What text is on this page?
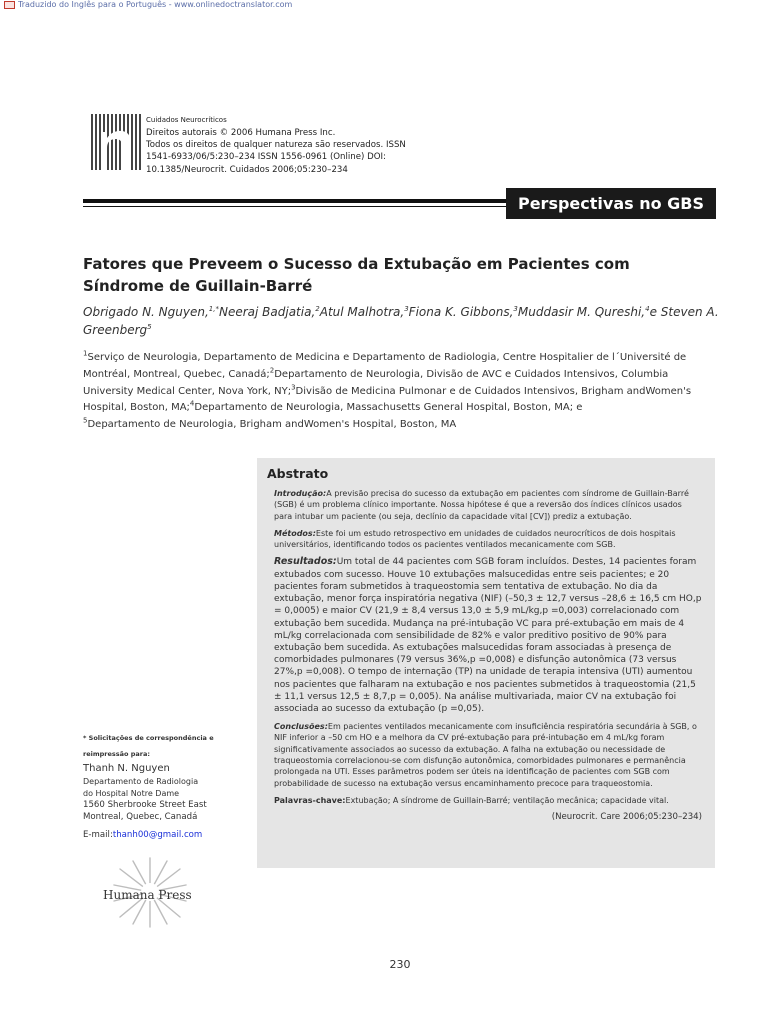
Traduzido do Inglês para o Português - www.onlinedoctranslator.com
Cuidados Neurocríticos
Direitos autorais © 2006 Humana Press Inc.
Todos os direitos de qualquer natureza são reservados. ISSN
1541-6933/06/5:230–234 ISSN 1556-0961 (Online) DOI:
10.1385/Neurocrit. Cuidados 2006;05:230–234
Perspectivas no GBS
Fatores que Preveem o Sucesso da Extubação em Pacientes com
Síndrome de Guillain-Barré
Obrigado N. Nguyen,$^{1,*}$Neeraj Badjatia,$^2$Atul Malhotra,$^3$Fiona K. Gibbons,$^3$Muddasir M. Qureshi,$^4$e Steven A. Greenberg$^5$
$^1$Serviço de Neurologia, Departamento de Medicina e Departamento de Radiologia, Centre Hospitalier de l´Université de Montréal, Montreal, Quebec, Canadá;$^2$Departamento de Neurologia, Divisão de AVC e Cuidados Intensivos, Columbia University Medical Center, Nova York, NY;$^3$Divisão de Medicina Pulmonar e de Cuidados Intensivos, Brigham andWomen's Hospital, Boston, MA;$^4$Departamento de Neurologia, Massachusetts General Hospital, Boston, MA; e
$^5$Departamento de Neurologia, Brigham andWomen's Hospital, Boston, MA
Abstrato

Introdução:A previsão precisa do sucesso da extubação em pacientes com síndrome de Guillain-Barré (SGB) é um problema clínico importante. Nossa hipótese é que a reversão dos índices clínicos usados para intubar um paciente (ou seja, declínio da capacidade vital [CV]) prediz a extubação.

Métodos:Este foi um estudo retrospectivo em unidades de cuidados neurocríticos de dois hospitais universitários, identificando todos os pacientes ventilados mecanicamente com SGB.

Resultados:Um total de 44 pacientes com SGB foram incluídos. Destes, 14 pacientes foram extubados com sucesso. Houve 10 extubações malsucedidas entre seis pacientes; e 20 pacientes foram submetidos à traqueostomia sem tentativa de extubação. No dia da extubação, menor força inspiratória negativa (NIF) (–50,3 ± 12,7 versus –28,6 ± 16,5 cm HO,p = 0,0005) e maior CV (21,9 ± 8,4 versus 13,0 ± 5,9 mL/kg,p =0,003) correlacionado com extubação bem sucedida. Mudança na pré-intubação VC para pré-extubação em mais de 4 mL/kg correlacionada com sensibilidade de 82% e valor preditivo positivo de 90% para extubação bem sucedida. As extubações malsucedidas foram associadas à presença de comorbidades pulmonares (79 versus 36%,p =0,008) e disfunção autonômica (73 versus 27%,p =0,008). O tempo de internação (TP) na unidade de terapia intensiva (UTI) aumentou nos pacientes que falharam na extubação e nos pacientes submetidos à traqueostomia (21,5 ± 11,1 versus 12,5 ± 8,7,p = 0,005). Na análise multivariada, maior CV na extubação foi associada ao sucesso da extubação (p =0,05).

Conclusões:Em pacientes ventilados mecanicamente com insuficiência respiratória secundária à SGB, o NIF inferior a –50 cm HO e a melhora da CV pré-extubação para pré-intubação em 4 mL/kg foram significativamente associados ao sucesso da extubação. A falha na extubação ou necessidade de traqueostomia correlacionou-se com disfunção autonômica, comorbidades pulmonares e permanência prolongada na UTI. Esses parâmetros podem ser úteis na identificação de pacientes com SGB com probabilidade de sucesso na extubação versus encaminhamento precoce para traqueostomia.

Palavras-chave:Extubação; A síndrome de Guillain-Barré; ventilação mecânica; capacidade vital.

(Neurocrit. Care 2006;05:230–234)

* Solicitações de correspondência e
reimpressão para:
Thanh N. Nguyen
Departamento de Radiologia
do Hospital Notre Dame
1560 Sherbrooke Street East
Montreal, Quebec, Canadá
E-mail:thanh00@gmail.com
Humana Press
230
